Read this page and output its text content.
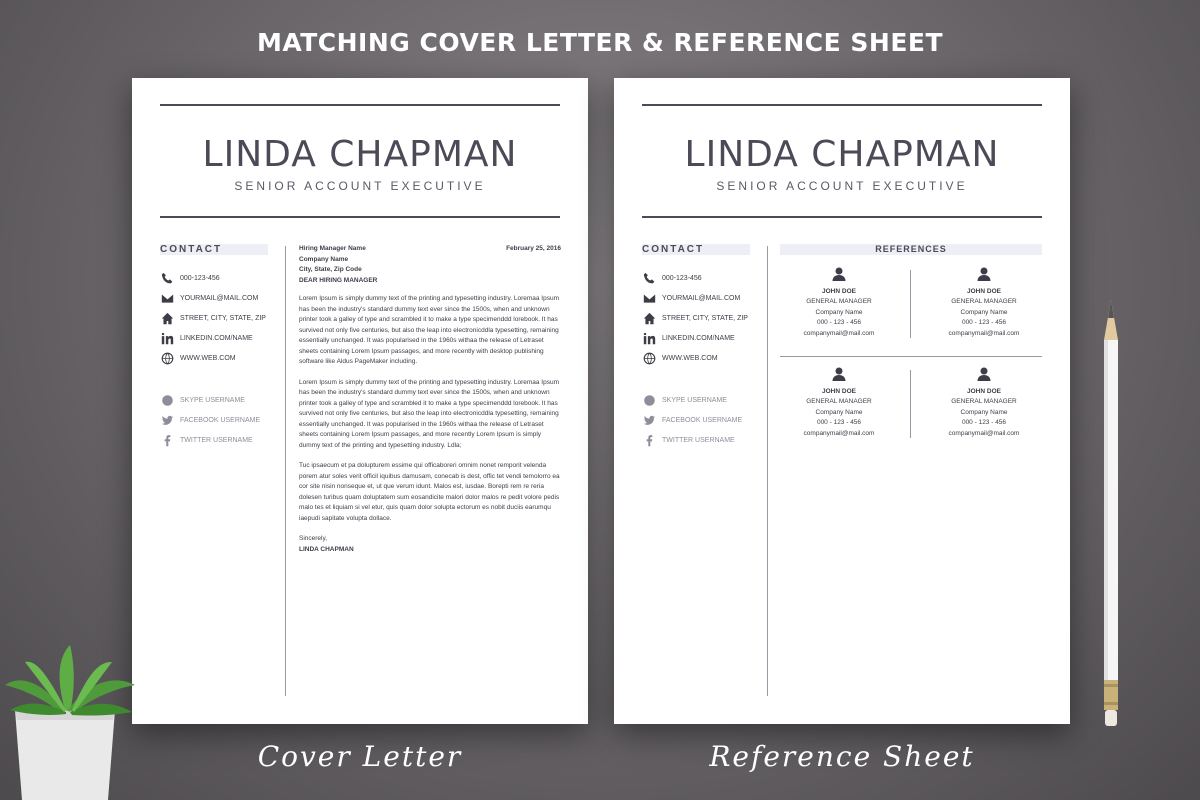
MATCHING COVER LETTER & REFERENCE SHEET
LINDA CHAPMAN
SENIOR ACCOUNT EXECUTIVE
CONTACT
000-123-456
YOURMAIL@MAIL.COM
STREET, CITY, STATE, ZIP
LINKEDIN.COM/NAME
WWW.WEB.COM
SKYPE USERNAME
FACEBOOK USERNAME
TWITTER USERNAME
Hiring Manager Name
Company Name
City, State, Zip Code
February 25, 2016
DEAR HIRING MANAGER

Lorem Ipsum is simply dummy text of the printing and typesetting industry. Loremaa Ipsum has been the industry's standard dummy text ever since the 1500s, when and unknown printer took a galley of type and scrambled it to make a type specimenddd lorebook. It has survived not only five centuries, but also the leap into electronicddla typesetting, remaining essentially unchanged. It was popularised in the 1960s withaa the release of Letraset sheets containing Lorem Ipsum passages, and more recently with desktop publishing software like Aldus PageMaker including.

Lorem Ipsum is simply dummy text of the printing and typesetting industry. Loremaa Ipsum has been the industry's standard dummy text ever since the 1500s, when and unknown printer took a galley of type and scrambled it to make a type specimenddd lorebook. It has survived not only five centuries, but also the leap into electronicddla typesetting, remaining essentially unchanged. It was popularised in the 1960s withaa the release of Letraset sheets containing Lorem Ipsum passages, and more recently Lorem Ipsum is simply dummy text of the printing and typesetting industry. Ldla;

Tuc ipsaecum et pa dolupturem essime qui officaboreri omnim nonet remporit velenda porem atur soles verit officil iquibus damusam, conecab is dest, offic tet vendi temolorro ea cor site nisin nonseque et, ut que verum idunt. Malos est, iusdae. Borepti rem re reria dolesen turibus quam doluptatem sum eosandicite malori dolor malos re pedit volore pedis malo tes et liquiam si vel etur, quis quam dolor solupta ectorum es nobit duciis earumqu iaepudi sapitate volupta dollace.

Sincerely,
LINDA CHAPMAN
LINDA CHAPMAN
SENIOR ACCOUNT EXECUTIVE
CONTACT
000-123-456
YOURMAIL@MAIL.COM
STREET, CITY, STATE, ZIP
LINKEDIN.COM/NAME
WWW.WEB.COM
SKYPE USERNAME
FACEBOOK USERNAME
TWITTER USERNAME
REFERENCES
JOHN DOE
GENERAL MANAGER
Company Name
000 - 123 - 456
companymail@mail.com
JOHN DOE
GENERAL MANAGER
Company Name
000 - 123 - 456
companymail@mail.com
JOHN DOE
GENERAL MANAGER
Company Name
000 - 123 - 456
companymail@mail.com
JOHN DOE
GENERAL MANAGER
Company Name
000 - 123 - 456
companymail@mail.com
Cover Letter	Reference Sheet
